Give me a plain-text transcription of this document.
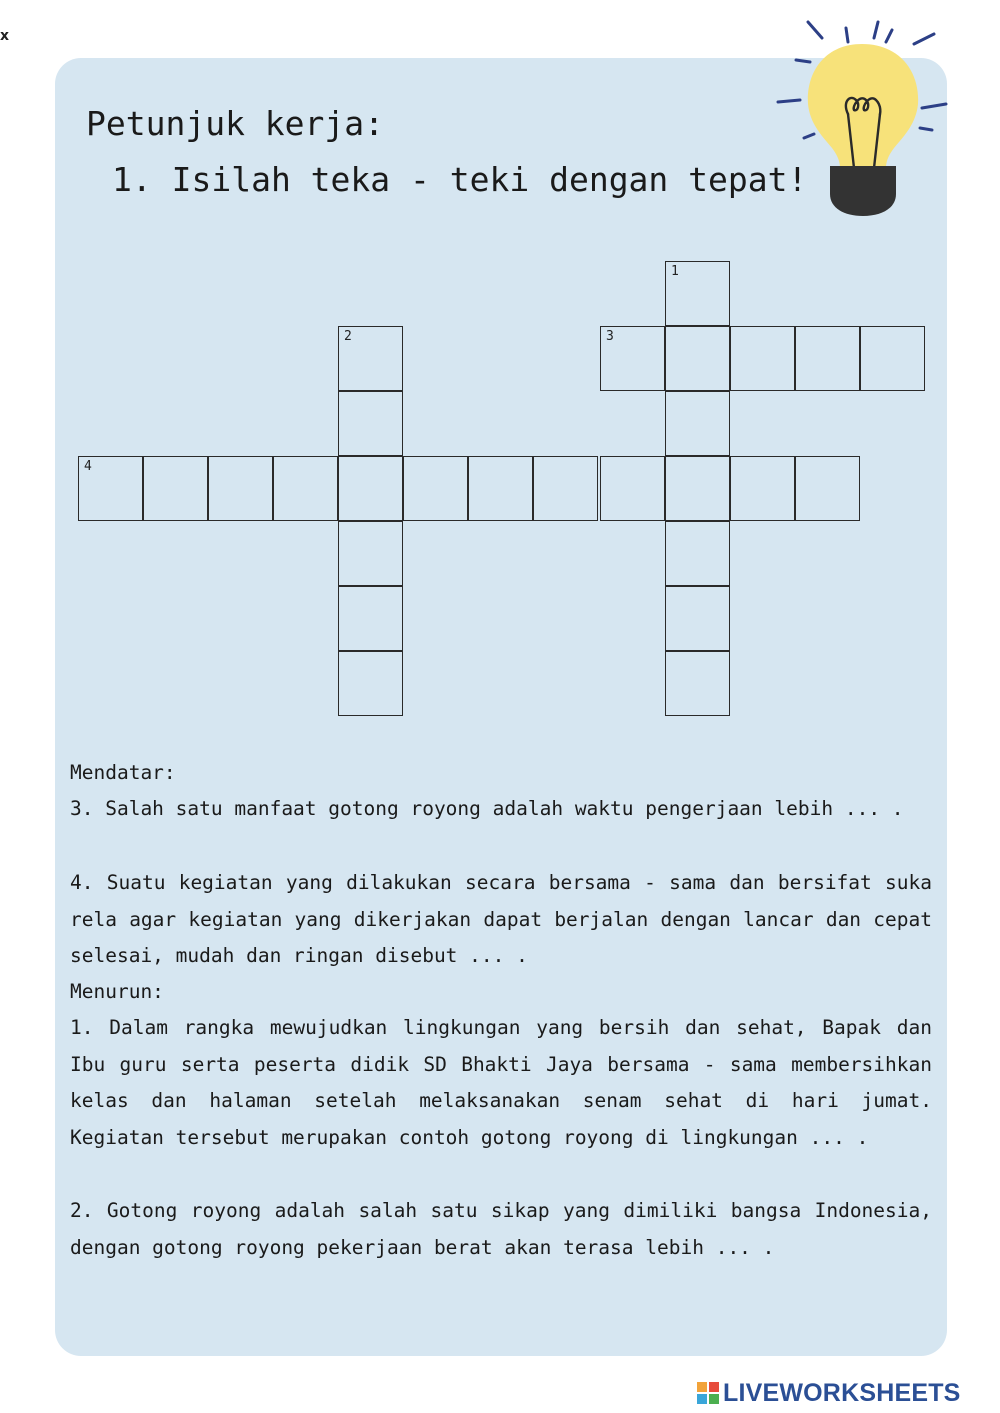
x
Petunjuk kerja:
1. Isilah teka - teki dengan tepat!
1
2	3
4
Mendatar:
3. Salah satu manfaat gotong royong adalah waktu pengerjaan lebih ... .
4. Suatu kegiatan yang dilakukan secara bersama - sama dan bersifat suka rela agar kegiatan yang dikerjakan dapat berjalan dengan lancar dan cepat selesai, mudah dan ringan disebut ... .
Menurun:
1. Dalam rangka mewujudkan lingkungan yang bersih dan sehat, Bapak dan Ibu guru serta peserta didik SD Bhakti Jaya bersama - sama membersihkan kelas dan halaman setelah melaksanakan senam sehat di hari jumat. Kegiatan tersebut merupakan contoh gotong royong di lingkungan ... .
2. Gotong royong adalah salah satu sikap yang dimiliki bangsa Indonesia, dengan gotong royong pekerjaan berat akan terasa lebih ... .
LIVEWORKSHEETS
